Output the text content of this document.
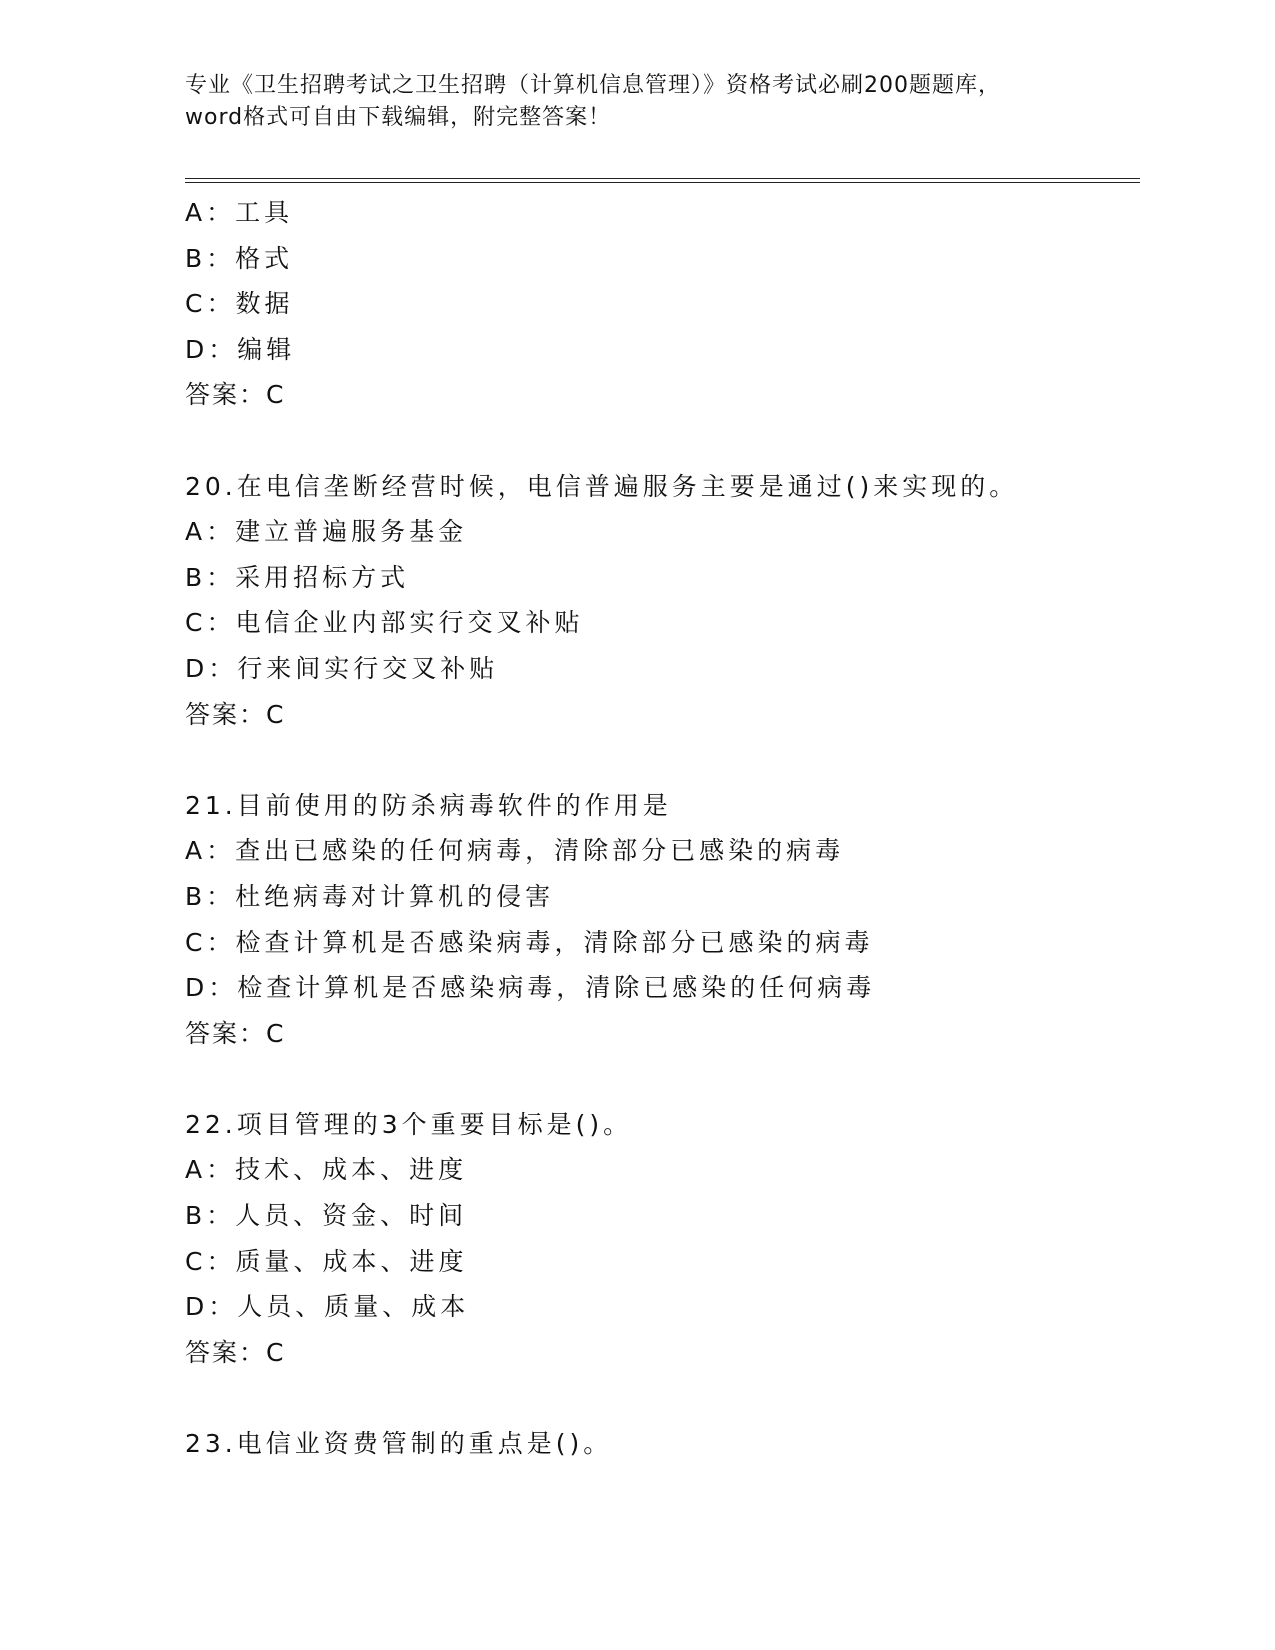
专业《卫生招聘考试之卫生招聘（计算机信息管理）》资格考试必刷200题题库，
word格式可自由下载编辑，附完整答案！
A：工具
B：格式
C：数据
D：编辑
答案：C
20.在电信垄断经营时候，电信普遍服务主要是通过()来实现的。
A：建立普遍服务基金
B：采用招标方式
C：电信企业内部实行交叉补贴
D：行来间实行交叉补贴
答案：C
21.目前使用的防杀病毒软件的作用是
A：查出已感染的任何病毒，清除部分已感染的病毒
B：杜绝病毒对计算机的侵害
C：检查计算机是否感染病毒，清除部分已感染的病毒
D：检查计算机是否感染病毒，清除已感染的任何病毒
答案：C
22.项目管理的3个重要目标是()。
A：技术、成本、进度
B：人员、资金、时间
C：质量、成本、进度
D：人员、质量、成本
答案：C
23.电信业资费管制的重点是()。
